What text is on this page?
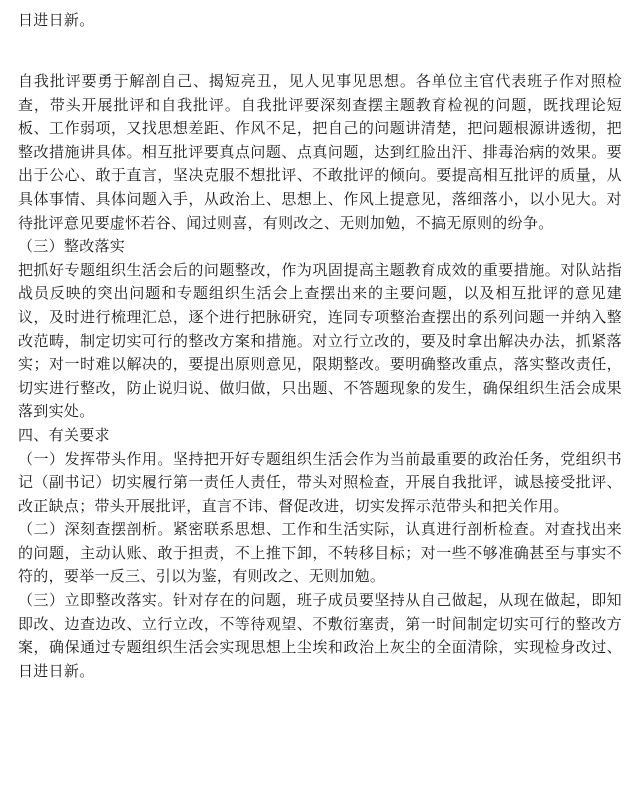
日进日新。

自我批评要勇于解剖自己、揭短亮丑，见人见事见思想。各单位主官代表班子作对照检查，带头开展批评和自我批评。自我批评要深刻查摆主题教育检视的问题，既找理论短板、工作弱项，又找思想差距、作风不足，把自己的问题讲清楚，把问题根源讲透彻，把整改措施讲具体。相互批评要真点问题、点真问题，达到红脸出汗、排毒治病的效果。要出于公心、敢于直言，坚决克服不想批评、不敢批评的倾向。要提高相互批评的质量，从具体事情、具体问题入手，从政治上、思想上、作风上提意见，落细落小，以小见大。对待批评意见要虚怀若谷、闻过则喜，有则改之、无则加勉，不搞无原则的纷争。

（三）整改落实

把抓好专题组织生活会后的问题整改，作为巩固提高主题教育成效的重要措施。对队站指战员反映的突出问题和专题组织生活会上查摆出来的主要问题，以及相互批评的意见建议，及时进行梳理汇总，逐个进行把脉研究，连同专项整治查摆出的系列问题一并纳入整改范畴，制定切实可行的整改方案和措施。对立行立改的，要及时拿出解决办法，抓紧落实；对一时难以解决的，要提出原则意见，限期整改。要明确整改重点，落实整改责任，切实进行整改，防止说归说、做归做，只出题、不答题现象的发生，确保组织生活会成果落到实处。

四、有关要求

（一）发挥带头作用。坚持把开好专题组织生活会作为当前最重要的政治任务，党组织书记（副书记）切实履行第一责任人责任，带头对照检查，开展自我批评，诚恳接受批评、改正缺点；带头开展批评，直言不讳、督促改进，切实发挥示范带头和把关作用。

（二）深刻查摆剖析。紧密联系思想、工作和生活实际，认真进行剖析检查。对查找出来的问题，主动认账、敢于担责，不上推下卸，不转移目标；对一些不够准确甚至与事实不符的，要举一反三、引以为鉴，有则改之、无则加勉。

（三）立即整改落实。针对存在的问题，班子成员要坚持从自己做起，从现在做起，即知即改、边查边改、立行立改，不等待观望、不敷衍塞责，第一时间制定切实可行的整改方案，确保通过专题组织生活会实现思想上尘埃和政治上灰尘的全面清除，实现检身改过、日进日新。
